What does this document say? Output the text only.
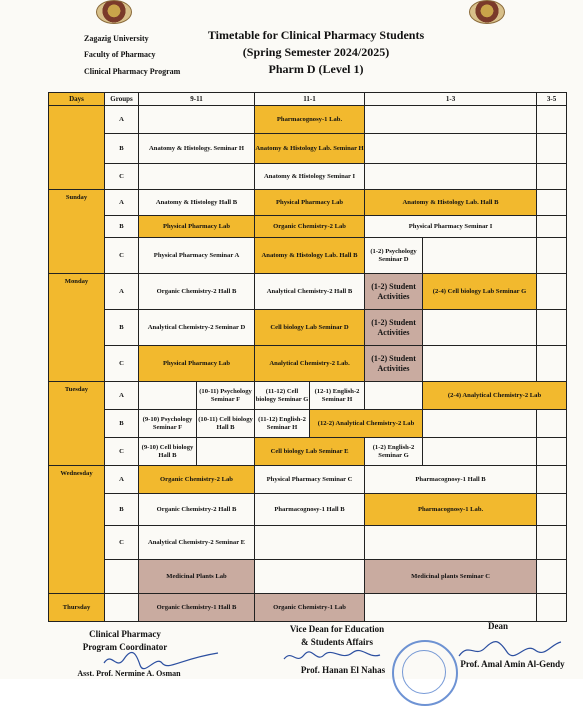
Zagazig University
Faculty of Pharmacy
Clinical Pharmacy Program
Timetable for Clinical Pharmacy Students
(Spring Semester 2024/2025)
Pharm D (Level 1)
Days	Groups	9-11		11-1		1-3		3-5
	A			Pharmacognosy-1 Lab.				
	B	Anatomy & Histology. Seminar H		Anatomy & Histology Lab. Seminar H				
	C			Anatomy & Histology Seminar I				
Sunday	A	Anatomy & Histology Hall B		Physical Pharmacy Lab		Anatomy & Histology Lab. Hall B		
	B	Physical Pharmacy Lab		Organic Chemistry-2 Lab		Physical Pharmacy Seminar I		
	C	Physical Pharmacy Seminar A		Anatomy & Histology Lab. Hall B		(1-2) Psychology Seminar D		
Monday	A	Organic Chemistry-2 Hall B		Analytical Chemistry-2 Hall B		(1-2) Student Activities	(2-4) Cell biology Lab Seminar G	
	B	Analytical Chemistry-2 Seminar D		Cell biology Lab Seminar D		(1-2) Student Activities		
	C	Physical Pharmacy Lab		Analytical Chemistry-2 Lab.		(1-2) Student Activities		
Tuesday	A		(10-11) Psychology Seminar F	(11-12) Cell biology Seminar G	(12-1) English-2 Seminar H		(2-4) Analytical Chemistry-2 Lab	
	B	(9-10) Psychology Seminar F	(10-11) Cell biology Hall B	(11-12) English-2 Seminar H	(12-2) Analytical Chemistry-2 Lab			
	C	(9-10) Cell biology Hall B		Cell biology Lab Seminar E		(1-2) English-2 Seminar G		
Wednesday	A	Organic Chemistry-2 Lab		Physical Pharmacy Seminar C		Pharmacognosy-1 Hall B		
	B	Organic Chemistry-2 Hall B		Pharmacognosy-1 Hall B		Pharmacognosy-1 Lab.		
	C	Analytical Chemistry-2 Seminar E						
		Medicinal Plants Lab				Medicinal plants Seminar C		
Thursday		Organic Chemistry-1 Hall B		Organic Chemistry-1 Lab				
Clinical Pharmacy
Program Coordinator
Asst. Prof. Nermine A. Osman
Vice Dean for Education
& Students Affairs
Prof. Hanan El Nahas
Dean
Prof. Amal Amin Al-Gendy
